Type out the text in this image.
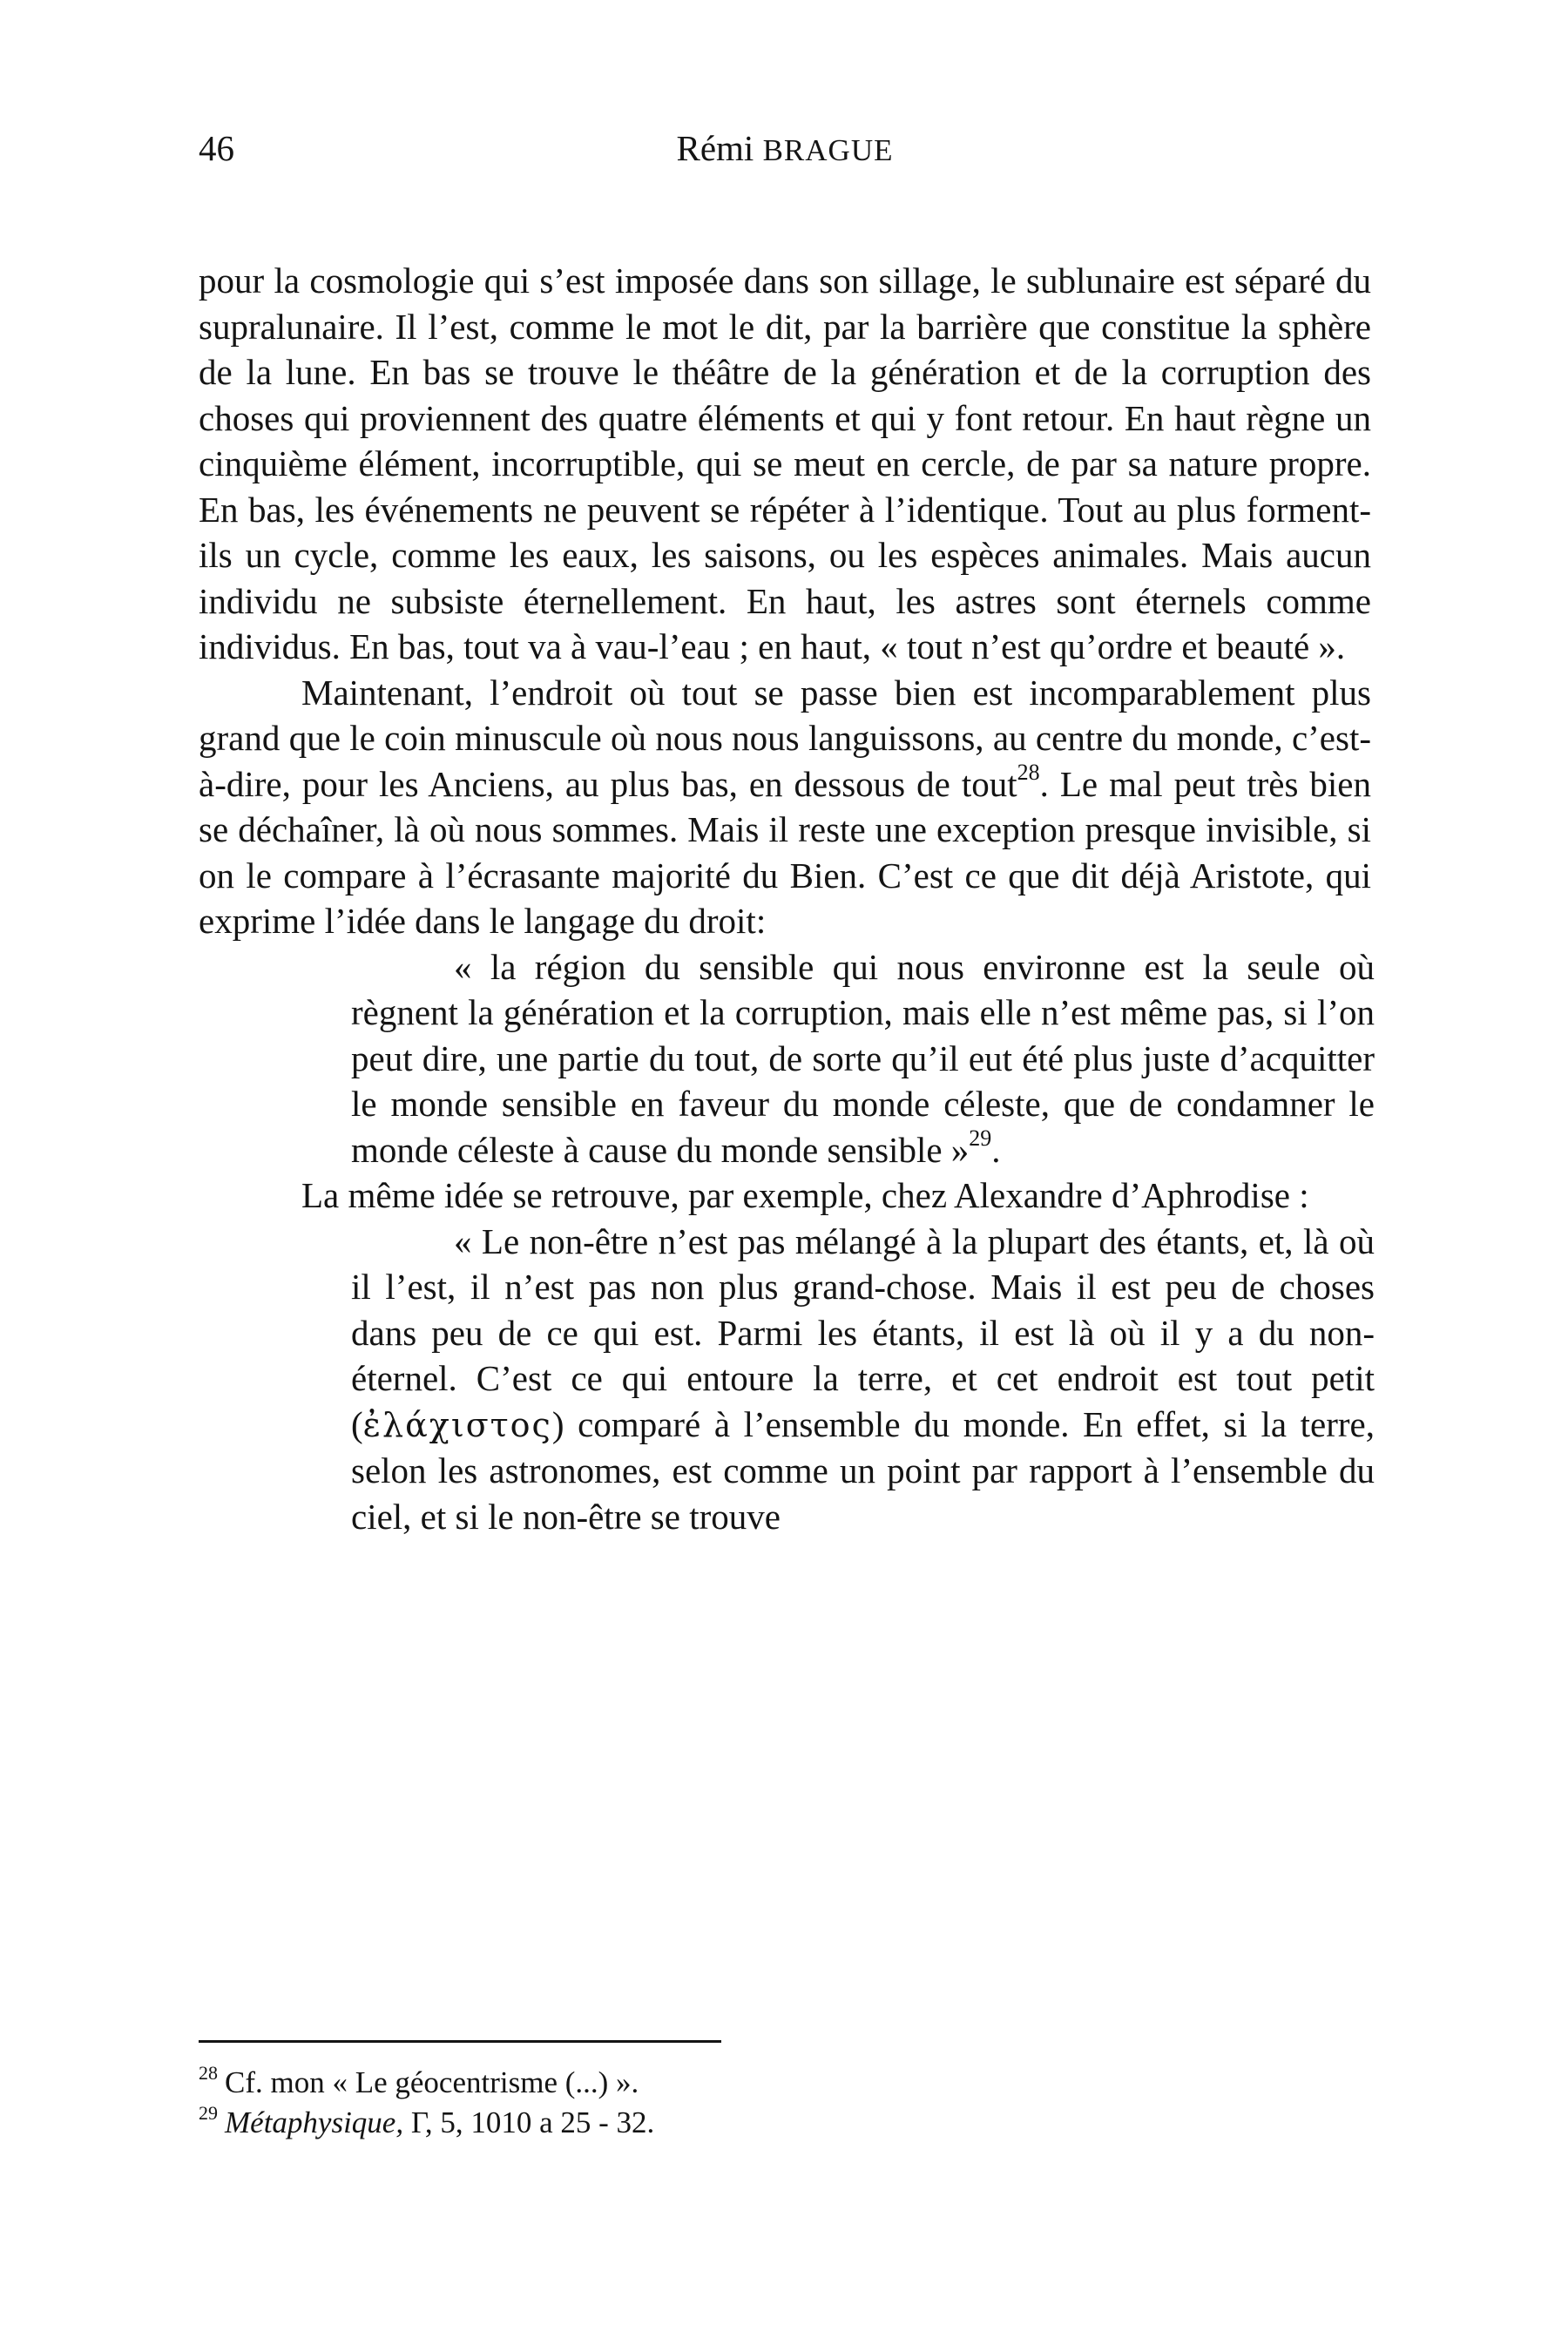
46	Rémi BRAGUE

pour la cosmologie qui s’est imposée dans son sillage, le sublunaire est séparé du supralunaire. Il l’est, comme le mot le dit, par la barrière que constitue la sphère de la lune. En bas se trouve le théâtre de la génération et de la corruption des choses qui proviennent des quatre éléments et qui y font retour. En haut règne un cinquième élément, incorruptible, qui se meut en cercle, de par sa nature propre. En bas, les événements ne peuvent se répéter à l’identique. Tout au plus forment-ils un cycle, comme les eaux, les saisons, ou les espèces animales. Mais aucun individu ne subsiste éternellement. En haut, les astres sont éternels comme individus. En bas, tout va à vau-l’eau ; en haut, « tout n’est qu’ordre et beauté ».

Maintenant, l’endroit où tout se passe bien est incomparablement plus grand que le coin minuscule où nous nous languissons, au centre du monde, c’est-à-dire, pour les Anciens, au plus bas, en dessous de tout$^{28}$. Le mal peut très bien se déchaîner, là où nous sommes. Mais il reste une exception presque invisible, si on le compare à l’écrasante majorité du Bien. C’est ce que dit déjà Aristote, qui exprime l’idée dans le langage du droit:

« la région du sensible qui nous environne est la seule où règnent la génération et la corruption, mais elle n’est même pas, si l’on peut dire, une partie du tout, de sorte qu’il eut été plus juste d’acquitter le monde sensible en faveur du monde céleste, que de condamner le monde céleste à cause du monde sensible »$^{29}$.

La même idée se retrouve, par exemple, chez Alexandre d’Aphrodise :

« Le non-être n’est pas mélangé à la plupart des étants, et, là où il l’est, il n’est pas non plus grand-chose. Mais il est peu de choses dans peu de ce qui est. Parmi les étants, il est là où il y a du non-éternel. C’est ce qui entoure la terre, et cet endroit est tout petit (ἐλάχιστος) comparé à l’ensemble du monde. En effet, si la terre, selon les astronomes, est comme un point par rapport à l’ensemble du ciel, et si le non-être se trouve

$^{28}$ Cf. mon « Le géocentrisme (...) ».

$^{29}$ Métaphysique, Γ, 5, 1010 a 25 - 32.
